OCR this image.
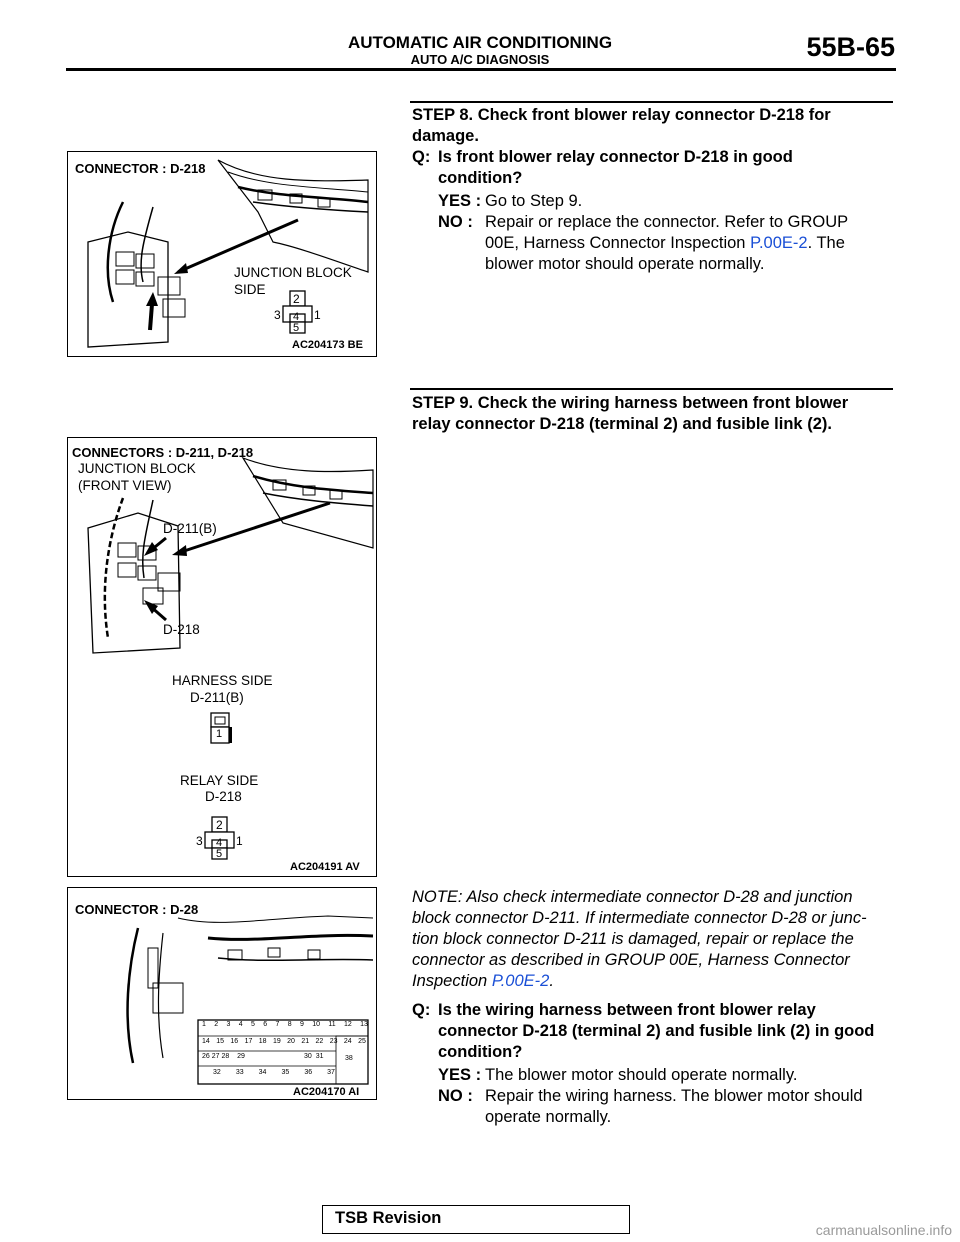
AUTOMATIC AIR CONDITIONING
AUTO A/C DIAGNOSIS	55B-65
STEP 8. Check front blower relay connector D-218 for
damage.
Q: Is front blower relay connector D-218 in good
condition?
YES : Go to Step 9.
NO : Repair or replace the connector. Refer to GROUP
00E, Harness Connector Inspection P.00E-2. The
blower motor should operate normally.
CONNECTOR : D-218
JUNCTION BLOCK
SIDE
2
3 4 1
5
AC204173 BE
STEP 9. Check the wiring harness between front blower
relay connector D-218 (terminal 2) and fusible link (2).
CONNECTORS : D-211, D-218
JUNCTION BLOCK
(FRONT VIEW)
D-211(B)
D-218
HARNESS SIDE
D-211(B)
1
RELAY SIDE
D-218
2
3 4 1
5
AC204191 AV
CONNECTOR : D-28
1 2 3 4 5 6 7 8 9 10 11 12 13
14 15 16 17 18 19 20 21 22 23 24 25
26 27 28 29	30 31	38
32 33 34 35 36 37
AC204170 AI
NOTE: Also check intermediate connector D-28 and junction
block connector D-211. If intermediate connector D-28 or junc-
tion block connector D-211 is damaged, repair or replace the
connector as described in GROUP 00E, Harness Connector
Inspection P.00E-2.
Q: Is the wiring harness between front blower relay
connector D-218 (terminal 2) and fusible link (2) in good
condition?
YES : The blower motor should operate normally.
NO : Repair the wiring harness. The blower motor should
operate normally.
TSB Revision
carmanualsonline.info
